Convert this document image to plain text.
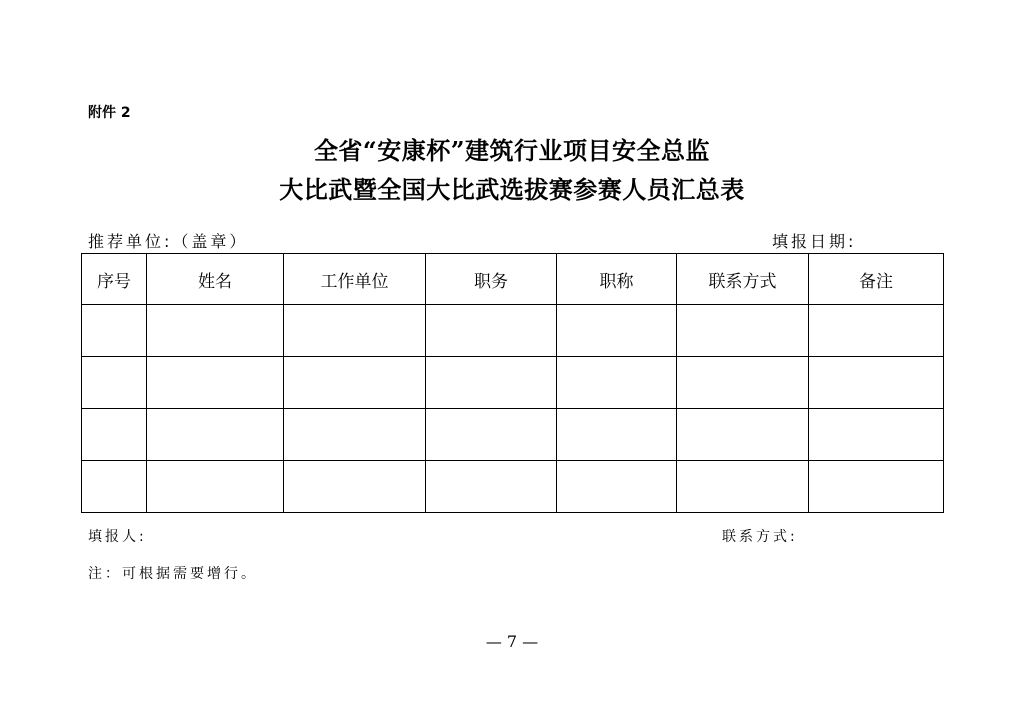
附件 2
全省“安康杯”建筑行业项目安全总监
大比武暨全国大比武选拔赛参赛人员汇总表
推荐单位:（盖章）	填报日期:
序号	姓名	工作单位	职务	职称	联系方式	备注

填报人:	联系方式:
注：可根据需要增行。
— 7 —
